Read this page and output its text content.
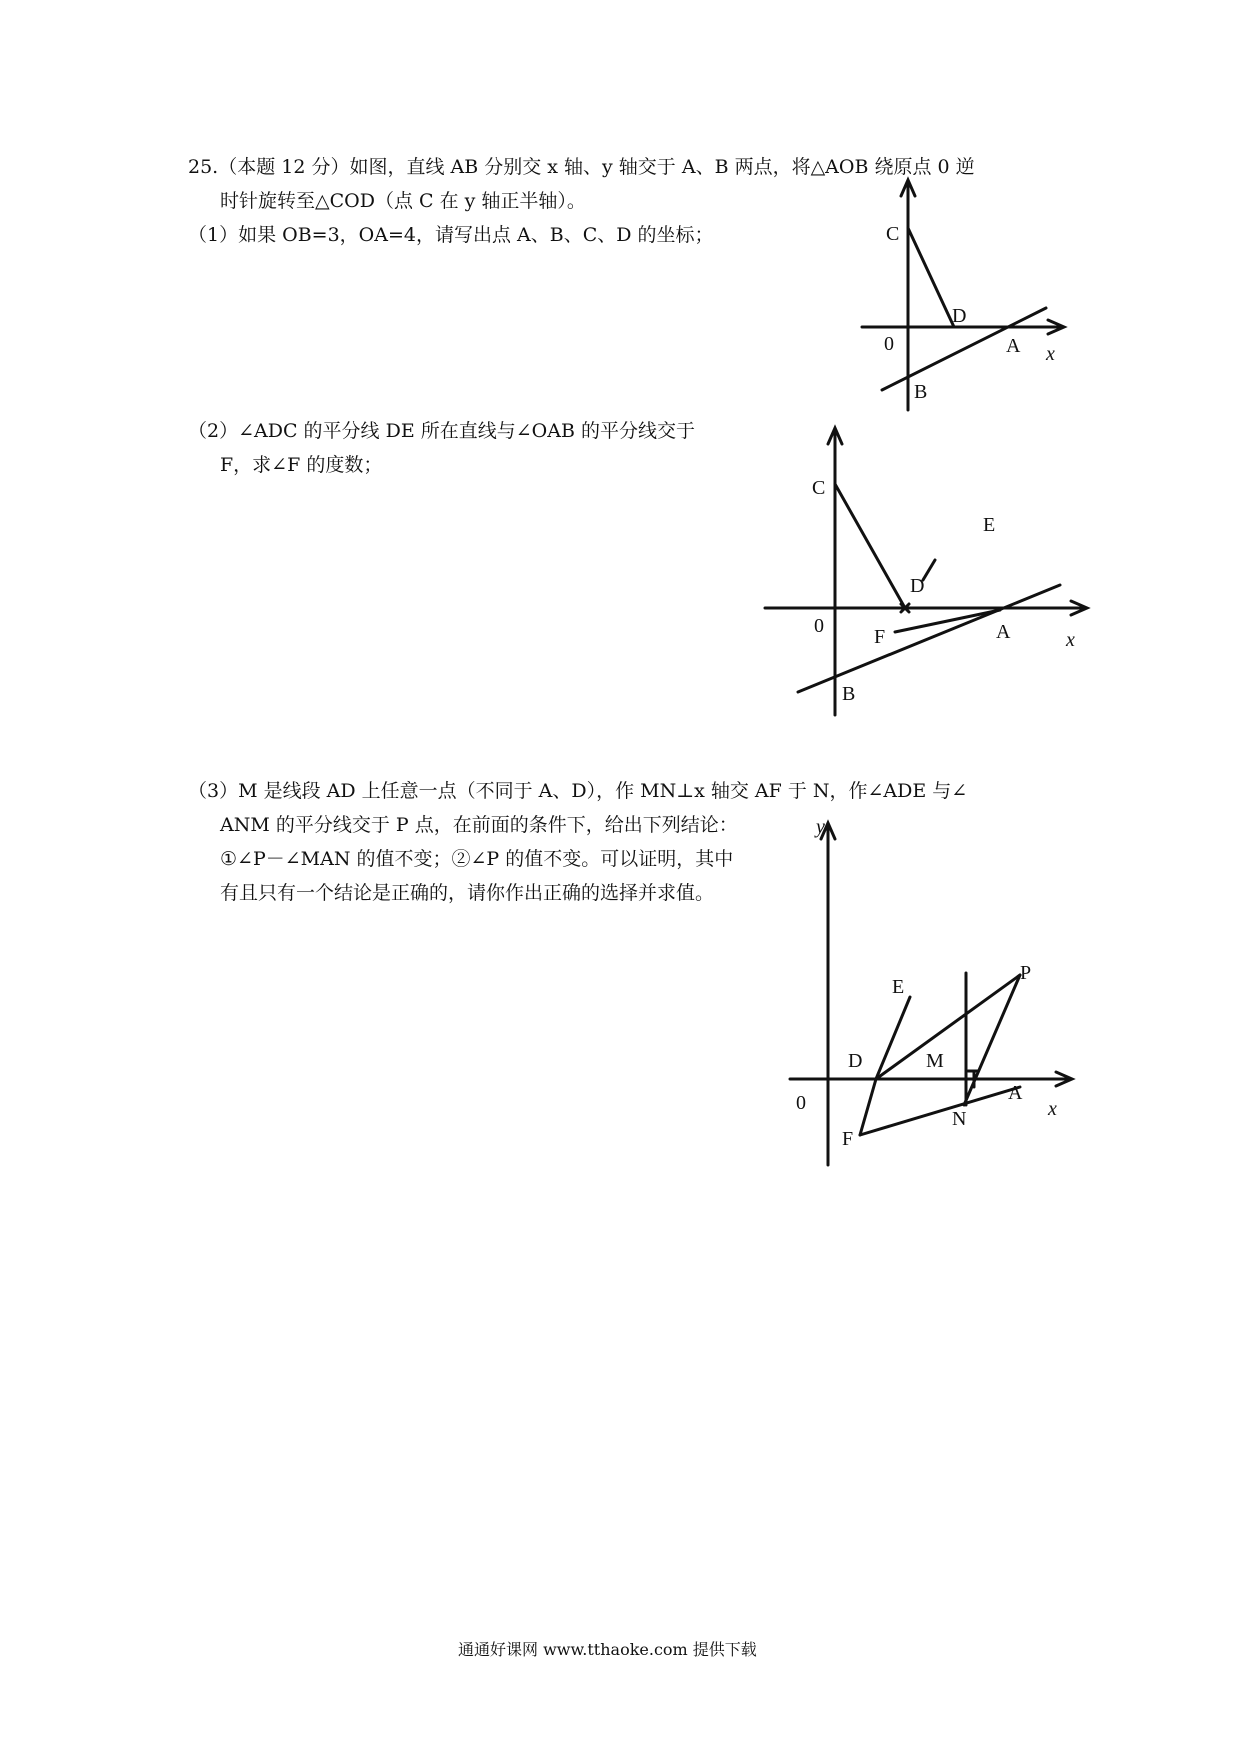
25.（本题 12 分）如图，直线 AB 分别交 x 轴、y 轴交于 A、B 两点，将△AOB 绕原点 0 逆
时针旋转至△COD（点 C 在 y 轴正半轴）。
（1）如果 OB=3，OA=4，请写出点 A、B、C、D 的坐标；
（2）∠ADC 的平分线 DE 所在直线与∠OAB 的平分线交于
F，求∠F 的度数；
（3）M 是线段 AD 上任意一点（不同于 A、D），作 MN⊥x 轴交 AF 于 N，作∠ADE 与∠
ANM 的平分线交于 P 点，在前面的条件下，给出下列结论：
①∠P－∠MAN 的值不变；②∠P 的值不变。可以证明，其中
有且只有一个结论是正确的，请你作出正确的选择并求值。
C
D
0	A x
B
C
E
D
0	F	A	x
B
y
E
P
D	M
0	A
x
N
F
通通好课网 www.tthaoke.com 提供下载
